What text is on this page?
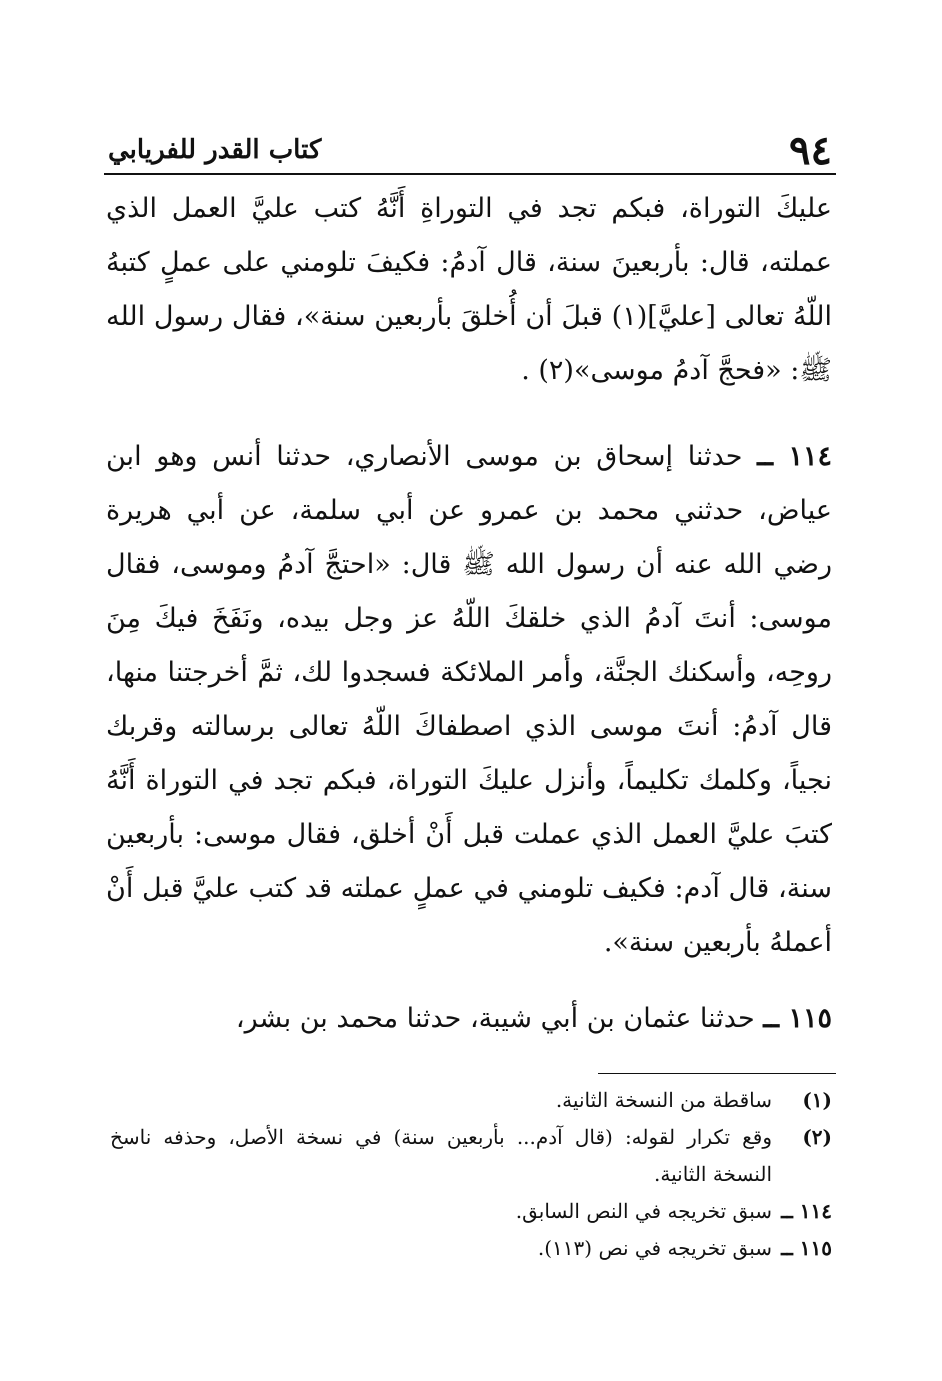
٩٤
كتاب القدر للفريابي

عليكَ التوراة، فبكم تجد في التوراةِ أَنَّهُ كتب عليَّ العمل الذي عملته، قال: بأربعينَ سنة، قال آدمُ: فكيفَ تلومني على عملٍ كتبهُ اللّهُ تعالى [عليَّ](١) قبلَ أن أُخلقَ بأربعين سنة»، فقال رسول الله ﷺ: «فحجَّ آدمُ موسى»(٢) .

١١٤ ــ حدثنا إسحاق بن موسى الأنصاري، حدثنا أنس وهو ابن عياض، حدثني محمد بن عمرو عن أبي سلمة، عن أبي هريرة رضي الله عنه أن رسول الله ﷺ قال: «احتجَّ آدمُ وموسى، فقال موسى: أنتَ آدمُ الذي خلقكَ اللّهُ عز وجل بيده، ونَفَخَ فيكَ مِنَ روحِه، وأسكنك الجنَّة، وأمر الملائكة فسجدوا لك، ثمَّ أخرجتنا منها، قال آدمُ: أنتَ موسى الذي اصطفاكَ اللّهُ تعالى برسالته وقربك نجياً، وكلمك تكليماً، وأنزل عليكَ التوراة، فبكم تجد في التوراة أَنَّهُ كتبَ عليَّ العمل الذي عملت قبل أَنْ أخلق، فقال موسى: بأربعين سنة، قال آدم: فكيف تلومني في عملٍ عملته قد كتب عليَّ قبل أَنْ أعملهُ بأربعين سنة».

١١٥ ــ حدثنا عثمان بن أبي شيبة، حدثنا محمد بن بشر،

(١)
ساقطة من النسخة الثانية.
(٢)
وقع تكرار لقوله: (قال آدم... بأربعين سنة) في نسخة الأصل، وحذفه ناسخ النسخة الثانية.
١١٤ ــ
سبق تخريجه في النص السابق.
١١٥ ــ
سبق تخريجه في نص (١١٣).
